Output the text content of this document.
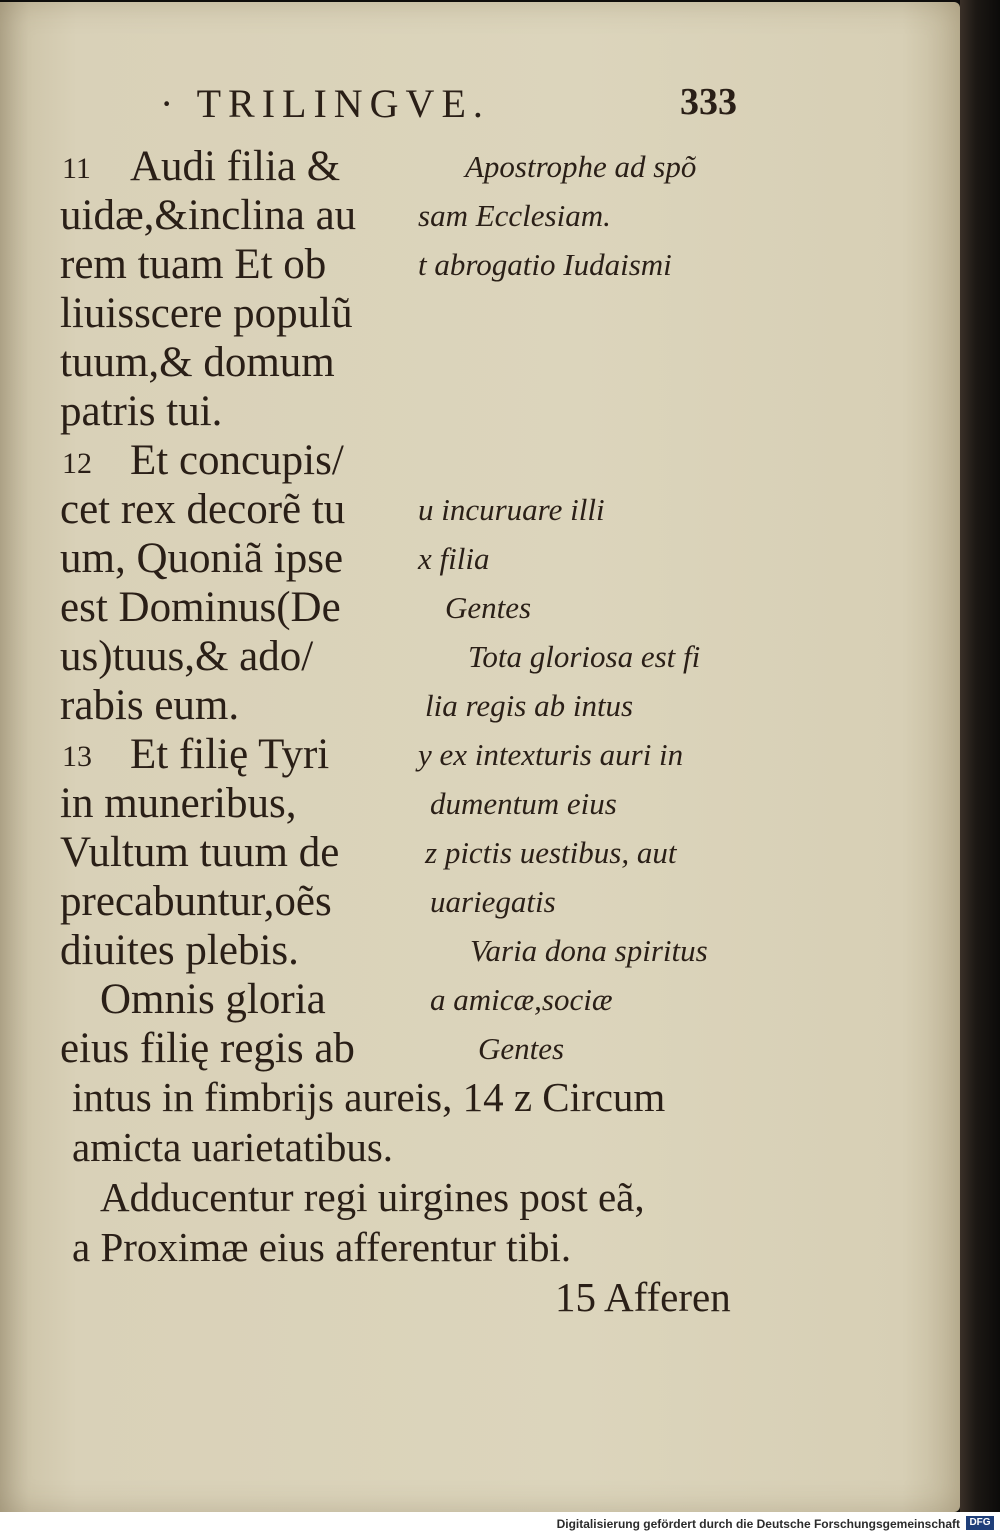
· TRILINGVE.	333
11 Audi filia &
uidæ,&inclina au
rem tuam Et ob
liuisscere populũ
tuum,& domum
patris tui.
12 Et concupis/
cet rex decorẽ tu
um, Quoniã ipse
est Dominus(De
us)tuus,& ado/
rabis eum.
13 Et filię Tyri
in muneribus,
Vultum tuum de
precabuntur,oẽs
diuites plebis.
Omnis gloria
eius filię regis ab
Apostrophe ad spõ
sam Ecclesiam.
t abrogatio Iudaismi
u incuruare illi
x filia
Gentes
Tota gloriosa est fi
lia regis ab intus
y ex intexturis auri in
dumentum eius
z pictis uestibus, aut
uariegatis
Varia dona spiritus
a amicæ,sociæ
Gentes
intus in fimbrijs aureis, 14 z Circum
amicta uarietatibus.
Adducentur regi uirgines post eã,
a Proximæ eius afferentur tibi.
15 Afferen
Digitalisierung gefördert durch die Deutsche Forschungsgemeinschaft DFG
